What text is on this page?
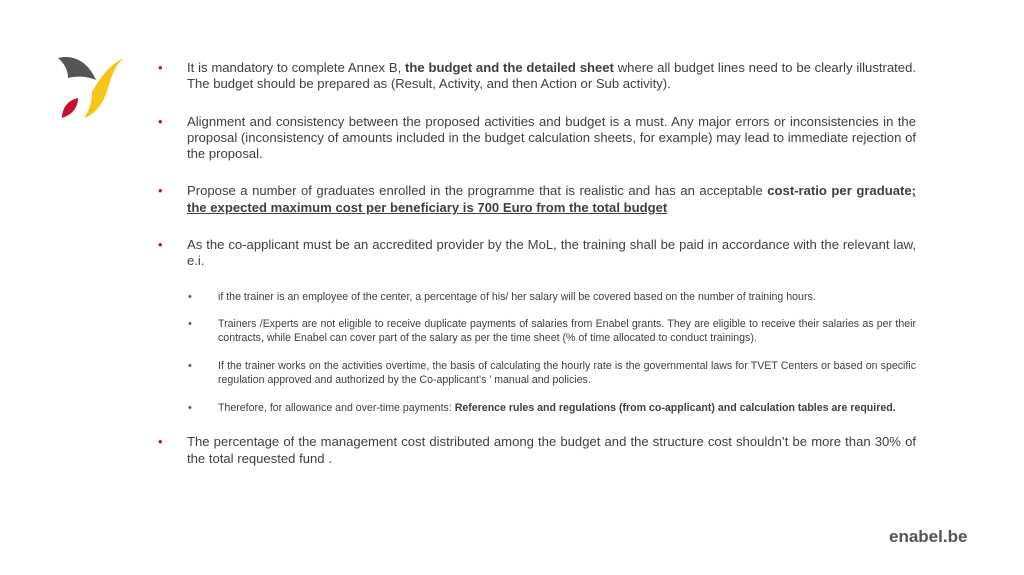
• It is mandatory to complete Annex B, the budget and the detailed sheet where all budget lines need to be clearly illustrated. The budget should be prepared as (Result, Activity, and then Action or Sub activity).
• Alignment and consistency between the proposed activities and budget is a must. Any major errors or inconsistencies in the proposal (inconsistency of amounts included in the budget calculation sheets, for example) may lead to immediate rejection of the proposal.
• Propose a number of graduates enrolled in the programme that is realistic and has an acceptable cost-ratio per graduate; the expected maximum cost per beneficiary is 700 Euro from the total budget
• As the co-applicant must be an accredited provider by the MoL, the training shall be paid in accordance with the relevant law, e.i.
• if the trainer is an employee of the center, a percentage of his/ her salary will be covered based on the number of training hours.
• Trainers /Experts are not eligible to receive duplicate payments of salaries from Enabel grants. They are eligible to receive their salaries as per their contracts, while Enabel can cover part of the salary as per the time sheet (% of time allocated to conduct trainings).
• If the trainer works on the activities overtime, the basis of calculating the hourly rate is the governmental laws for TVET Centers or based on specific regulation approved and authorized by the Co-applicant’s ’ manual and policies.
• Therefore, for allowance and over-time payments: Reference rules and regulations (from co-applicant) and calculation tables are required.
• The percentage of the management cost distributed among the budget and the structure cost shouldn’t be more than 30% of the total requested fund .
enabel.be
